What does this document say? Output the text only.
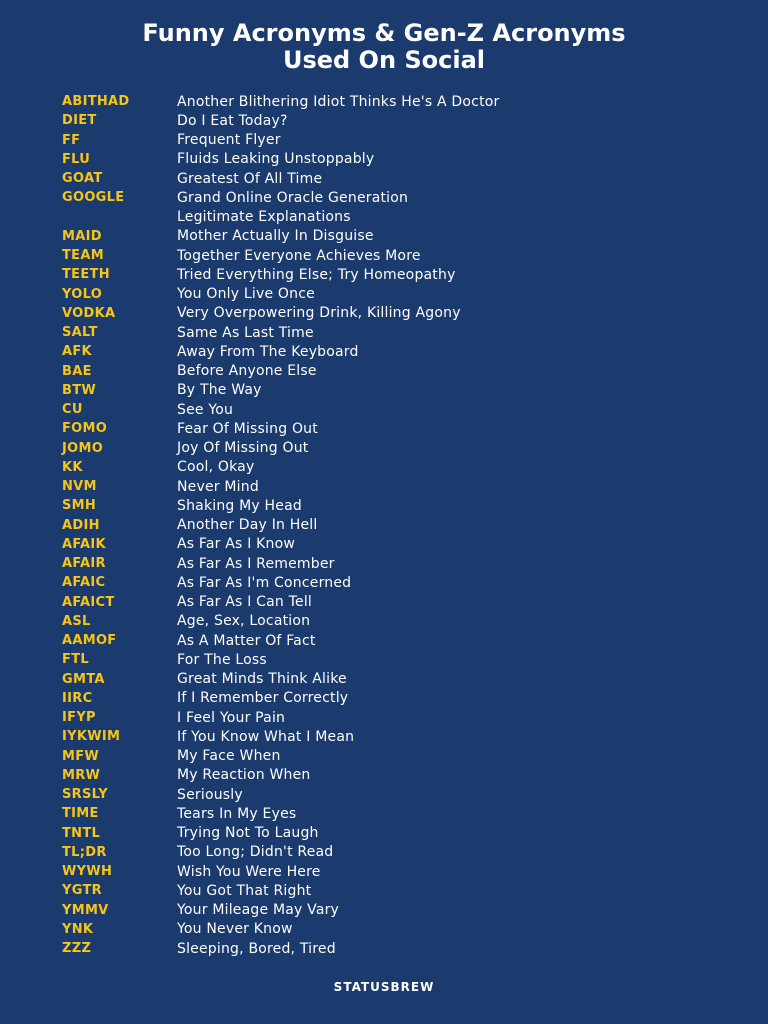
Funny Acronyms & Gen-Z Acronyms
Used On Social
ABITHAD	Another Blithering Idiot Thinks He's A Doctor
DIET	Do I Eat Today?
FF	Frequent Flyer
FLU	Fluids Leaking Unstoppably
GOAT	Greatest Of All Time
GOOGLE	Grand Online Oracle Generation
Legitimate Explanations
MAID	Mother Actually In Disguise
TEAM	Together Everyone Achieves More
TEETH	Tried Everything Else; Try Homeopathy
YOLO	You Only Live Once
VODKA	Very Overpowering Drink, Killing Agony
SALT	Same As Last Time
AFK	Away From The Keyboard
BAE	Before Anyone Else
BTW	By The Way
CU	See You
FOMO	Fear Of Missing Out
JOMO	Joy Of Missing Out
KK	Cool, Okay
NVM	Never Mind
SMH	Shaking My Head
ADIH	Another Day In Hell
AFAIK	As Far As I Know
AFAIR	As Far As I Remember
AFAIC	As Far As I'm Concerned
AFAICT	As Far As I Can Tell
ASL	Age, Sex, Location
AAMOF	As A Matter Of Fact
FTL	For The Loss
GMTA	Great Minds Think Alike
IIRC	If I Remember Correctly
IFYP	I Feel Your Pain
IYKWIM	If You Know What I Mean
MFW	My Face When
MRW	My Reaction When
SRSLY	Seriously
TIME	Tears In My Eyes
TNTL	Trying Not To Laugh
TL;DR	Too Long; Didn't Read
WYWH	Wish You Were Here
YGTR	You Got That Right
YMMV	Your Mileage May Vary
YNK	You Never Know
ZZZ	Sleeping, Bored, Tired
STATUSBREW
